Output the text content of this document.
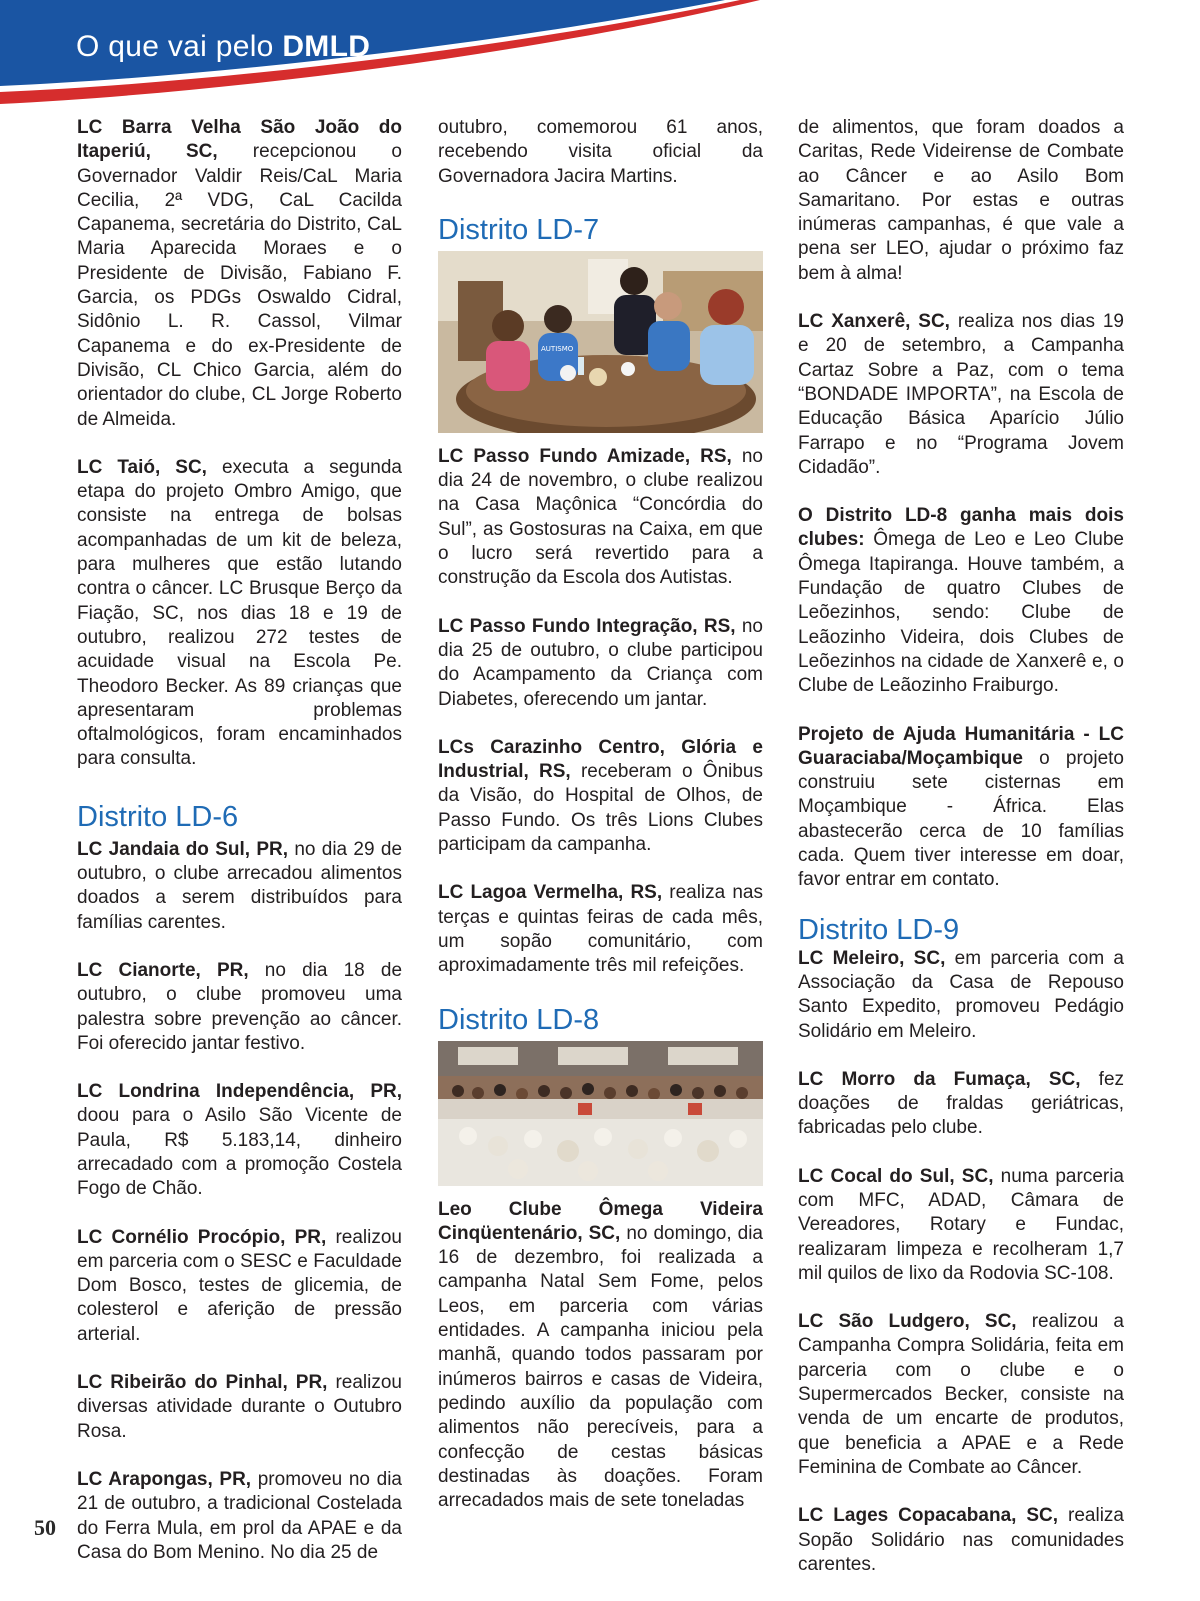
O que vai pelo DMLD

LC Barra Velha São João do Itaperiú, SC, recepcionou o Governador Valdir Reis/CaL Maria Cecilia, 2ª VDG, CaL Cacilda Capanema, secretária do Distrito, CaL Maria Aparecida Moraes e o Presidente de Divisão, Fabiano F. Garcia, os PDGs Oswaldo Cidral, Sidônio L. R. Cassol, Vilmar Capanema e do ex-Presidente de Divisão, CL Chico Garcia, além do orientador do clube, CL Jorge Roberto de Almeida.

LC Taió, SC, executa a segunda etapa do projeto Ombro Amigo, que consiste na entrega de bolsas acompanhadas de um kit de beleza, para mulheres que estão lutando contra o câncer. LC Brusque Berço da Fiação, SC, nos dias 18 e 19 de outubro, realizou 272 testes de acuidade visual na Escola Pe. Theodoro Becker. As 89 crianças que apresentaram problemas oftalmológicos, foram encaminhados para consulta.

Distrito LD-6

LC Jandaia do Sul, PR, no dia 29 de outubro, o clube arrecadou alimentos doados a serem distribuídos para famílias carentes.

LC Cianorte, PR, no dia 18 de outubro, o clube promoveu uma palestra sobre prevenção ao câncer. Foi oferecido jantar festivo.

LC Londrina Independência, PR, doou para o Asilo São Vicente de Paula, R$ 5.183,14, dinheiro arrecadado com a promoção Costela Fogo de Chão.

LC Cornélio Procópio, PR, realizou em parceria com o SESC e Faculdade Dom Bosco, testes de glicemia, de colesterol e aferição de pressão arterial.

LC Ribeirão do Pinhal, PR, realizou diversas atividade durante o Outubro Rosa.

LC Arapongas, PR, promoveu no dia 21 de outubro, a tradicional Costelada do Ferra Mula, em prol da APAE e da Casa do Bom Menino. No dia 25 de

outubro, comemorou 61 anos, recebendo visita oficial da Governadora Jacira Martins.

Distrito LD-7
AUTISMO

LC Passo Fundo Amizade, RS, no dia 24 de novembro, o clube realizou na Casa Maçônica “Concórdia do Sul”, as Gostosuras na Caixa, em que o lucro será revertido para a construção da Escola dos Autistas.

LC Passo Fundo Integração, RS, no dia 25 de outubro, o clube participou do Acampamento da Criança com Diabetes, oferecendo um jantar.

LCs Carazinho Centro, Glória e Industrial, RS, receberam o Ônibus da Visão, do Hospital de Olhos, de Passo Fundo. Os três Lions Clubes participam da campanha.

LC Lagoa Vermelha, RS, realiza nas terças e quintas feiras de cada mês, um sopão comunitário, com aproximadamente três mil refeições.

Distrito LD-8

Leo Clube Ômega Videira Cinqüentenário, SC, no domingo, dia 16 de dezembro, foi realizada a campanha Natal Sem Fome, pelos Leos, em parceria com várias entidades. A campanha iniciou pela manhã, quando todos passaram por inúmeros bairros e casas de Videira, pedindo auxílio da população com alimentos não perecíveis, para a confecção de cestas básicas destinadas às doações. Foram arrecadados mais de sete toneladas

de alimentos, que foram doados a Caritas, Rede Videirense de Combate ao Câncer e ao Asilo Bom Samaritano. Por estas e outras inúmeras campanhas, é que vale a pena ser LEO, ajudar o próximo faz bem à alma!

LC Xanxerê, SC, realiza nos dias 19 e 20 de setembro, a Campanha Cartaz Sobre a Paz, com o tema “BONDADE IMPORTA”, na Escola de Educação Básica Aparício Júlio Farrapo e no “Programa Jovem Cidadão”.

O Distrito LD-8 ganha mais dois clubes: Ômega de Leo e Leo Clube Ômega Itapiranga. Houve também, a Fundação de quatro Clubes de Leõezinhos, sendo: Clube de Leãozinho Videira, dois Clubes de Leõezinhos na cidade de Xanxerê e, o Clube de Leãozinho Fraiburgo.

Projeto de Ajuda Humanitária - LC Guaraciaba/Moçambique o projeto construiu sete cisternas em Moçambique - África. Elas abastecerão cerca de 10 famílias cada. Quem tiver interesse em doar, favor entrar em contato.

Distrito LD-9

LC Meleiro, SC, em parceria com a Associação da Casa de Repouso Santo Expedito, promoveu Pedágio Solidário em Meleiro.

LC Morro da Fumaça, SC, fez doações de fraldas geriátricas, fabricadas pelo clube.

LC Cocal do Sul, SC, numa parceria com MFC, ADAD, Câmara de Vereadores, Rotary e Fundac, realizaram limpeza e recolheram 1,7 mil quilos de lixo da Rodovia SC-108.

LC São Ludgero, SC, realizou a Campanha Compra Solidária, feita em parceria com o clube e o Supermercados Becker, consiste na venda de um encarte de produtos, que beneficia a APAE e a Rede Feminina de Combate ao Câncer.

LC Lages Copacabana, SC, realiza Sopão Solidário nas comunidades carentes.

50
